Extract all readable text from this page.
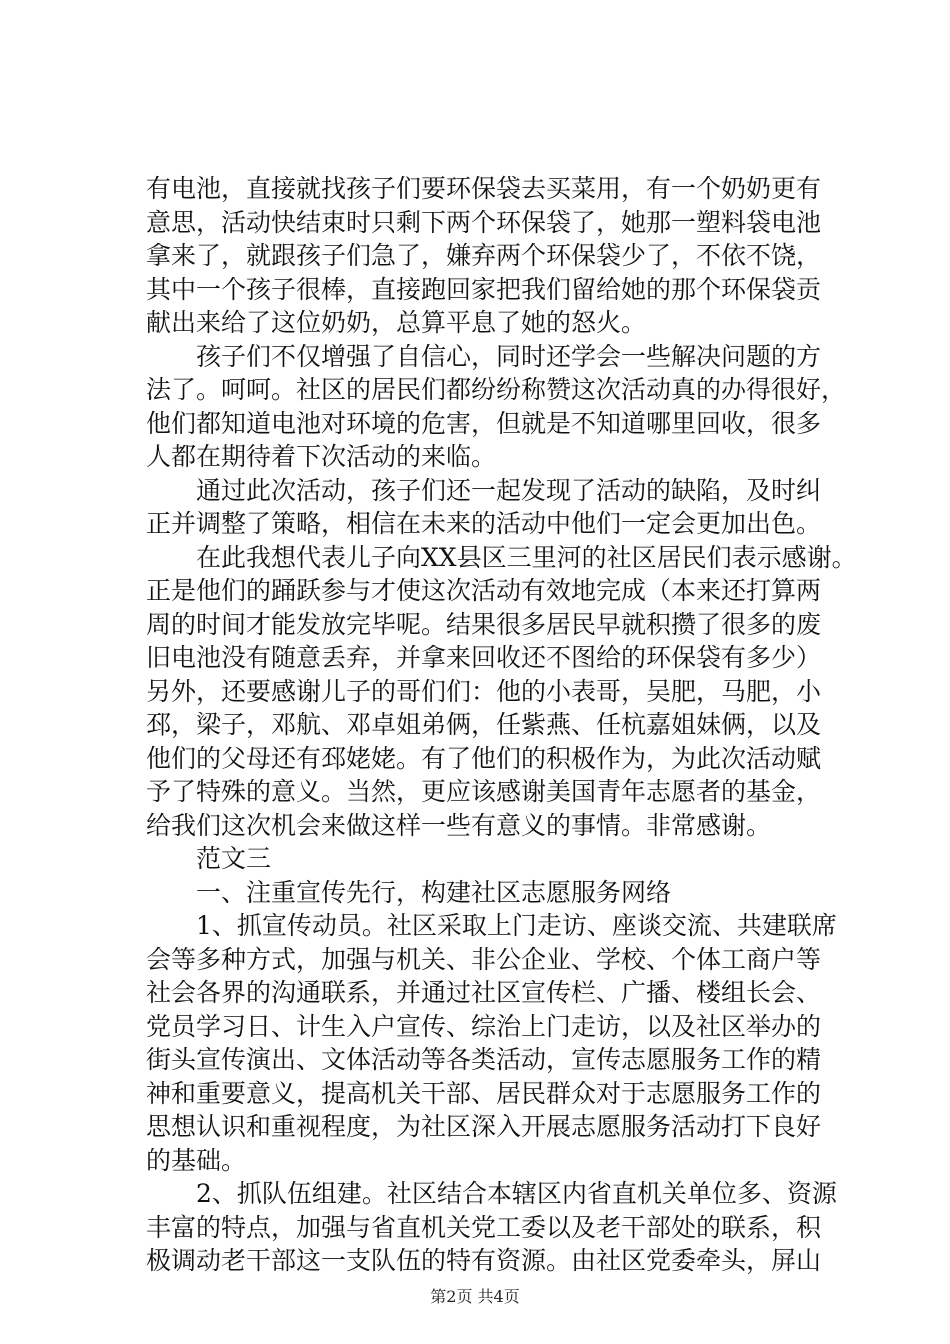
有电池，直接就找孩子们要环保袋去买菜用，有一个奶奶更有
意思，活动快结束时只剩下两个环保袋了，她那一塑料袋电池
拿来了，就跟孩子们急了，嫌弃两个环保袋少了，不依不饶，
其中一个孩子很棒，直接跑回家把我们留给她的那个环保袋贡
献出来给了这位奶奶，总算平息了她的怒火。
　　孩子们不仅增强了自信心，同时还学会一些解决问题的方
法了。呵呵。社区的居民们都纷纷称赞这次活动真的办得很好，
他们都知道电池对环境的危害，但就是不知道哪里回收，很多
人都在期待着下次活动的来临。
　　通过此次活动，孩子们还一起发现了活动的缺陷，及时纠
正并调整了策略，相信在未来的活动中他们一定会更加出色。
　　在此我想代表儿子向XX县区三里河的社区居民们表示感谢。
正是他们的踊跃参与才使这次活动有效地完成（本来还打算两
周的时间才能发放完毕呢。结果很多居民早就积攒了很多的废
旧电池没有随意丢弃，并拿来回收还不图给的环保袋有多少）
另外，还要感谢儿子的哥们们：他的小表哥，吴肥，马肥，小
邳，梁子，邓航、邓卓姐弟俩，任紫燕、任杭嘉姐妹俩，以及
他们的父母还有邳姥姥。有了他们的积极作为，为此次活动赋
予了特殊的意义。当然，更应该感谢美国青年志愿者的基金，
给我们这次机会来做这样一些有意义的事情。非常感谢。
　　范文三
　　一、注重宣传先行，构建社区志愿服务网络
　　1、抓宣传动员。社区采取上门走访、座谈交流、共建联席
会等多种方式，加强与机关、非公企业、学校、个体工商户等
社会各界的沟通联系，并通过社区宣传栏、广播、楼组长会、
党员学习日、计生入户宣传、综治上门走访，以及社区举办的
街头宣传演出、文体活动等各类活动，宣传志愿服务工作的精
神和重要意义，提高机关干部、居民群众对于志愿服务工作的
思想认识和重视程度，为社区深入开展志愿服务活动打下良好
的基础。
　　2、抓队伍组建。社区结合本辖区内省直机关单位多、资源
丰富的特点，加强与省直机关党工委以及老干部处的联系，积
极调动老干部这一支队伍的特有资源。由社区党委牵头，屏山
第2页 共4页
